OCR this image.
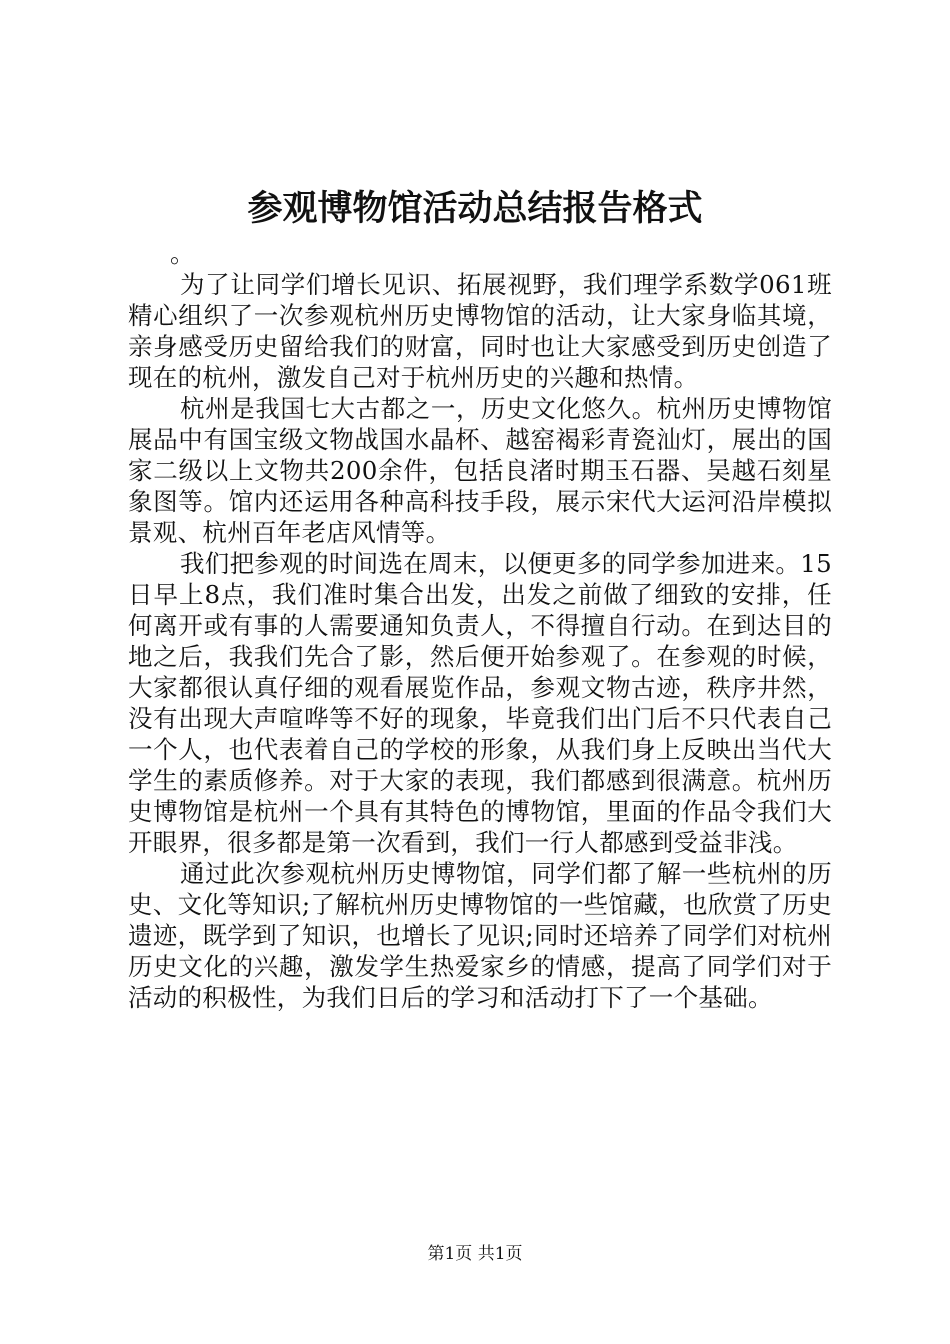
参观博物馆活动总结报告格式

。

为了让同学们增长见识、拓展视野，我们理学系数学061班精心组织了一次参观杭州历史博物馆的活动，让大家身临其境，亲身感受历史留给我们的财富，同时也让大家感受到历史创造了现在的杭州，激发自己对于杭州历史的兴趣和热情。

杭州是我国七大古都之一，历史文化悠久。杭州历史博物馆展品中有国宝级文物战国水晶杯、越窑褐彩青瓷汕灯，展出的国家二级以上文物共200余件，包括良渚时期玉石器、吴越石刻星象图等。馆内还运用各种高科技手段，展示宋代大运河沿岸模拟景观、杭州百年老店风情等。

我们把参观的时间选在周末，以便更多的同学参加进来。15日早上8点，我们准时集合出发，出发之前做了细致的安排，任何离开或有事的人需要通知负责人，不得擅自行动。在到达目的地之后，我我们先合了影，然后便开始参观了。在参观的时候，大家都很认真仔细的观看展览作品，参观文物古迹，秩序井然，没有出现大声喧哗等不好的现象，毕竟我们出门后不只代表自己一个人，也代表着自己的学校的形象，从我们身上反映出当代大学生的素质修养。对于大家的表现，我们都感到很满意。杭州历史博物馆是杭州一个具有其特色的博物馆，里面的作品令我们大开眼界，很多都是第一次看到，我们一行人都感到受益非浅。

通过此次参观杭州历史博物馆，同学们都了解一些杭州的历史、文化等知识;了解杭州历史博物馆的一些馆藏，也欣赏了历史遗迹，既学到了知识，也增长了见识;同时还培养了同学们对杭州历史文化的兴趣，激发学生热爱家乡的情感，提高了同学们对于活动的积极性，为我们日后的学习和活动打下了一个基础。

第1页 共1页
